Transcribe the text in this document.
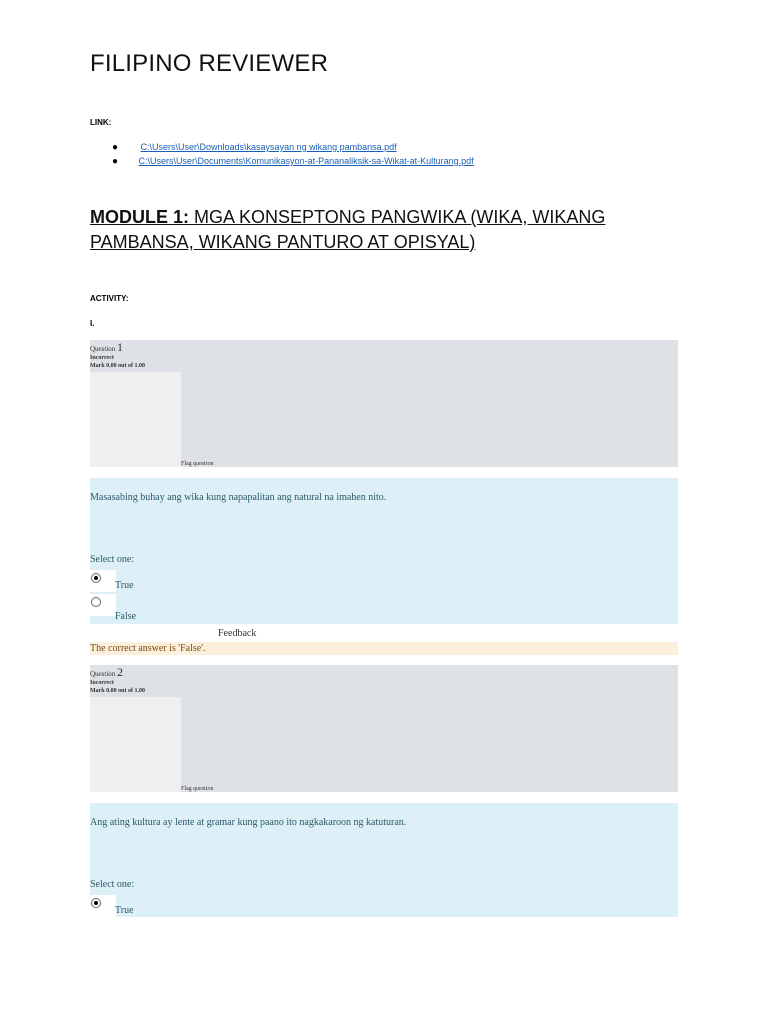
FILIPINO REVIEWER
LINK:
● C:\Users\User\Downloads\kasaysayan ng wikang pambansa.pdf
● C:\Users\User\Documents\Komunikasyon-at-Pananaliksik-sa-Wikat-at-Kulturang.pdf
MODULE 1: MGA KONSEPTONG PANGWIKA (WIKA, WIKANG PAMBANSA, WIKANG PANTURO AT OPISYAL)
ACTIVITY:
I.
Question 1
Incorrect
Mark 0.00 out of 1.00
Flag question
Masasabing buhay ang wika kung napapalitan ang natural na imahen nito.
Select one:
True
False
Feedback
The correct answer is 'False'.
Question 2
Incorrect
Mark 0.00 out of 1.00
Flag question
Ang ating kultura ay lente at gramar kung paano ito nagkakaroon ng katuturan.
Select one:
True
